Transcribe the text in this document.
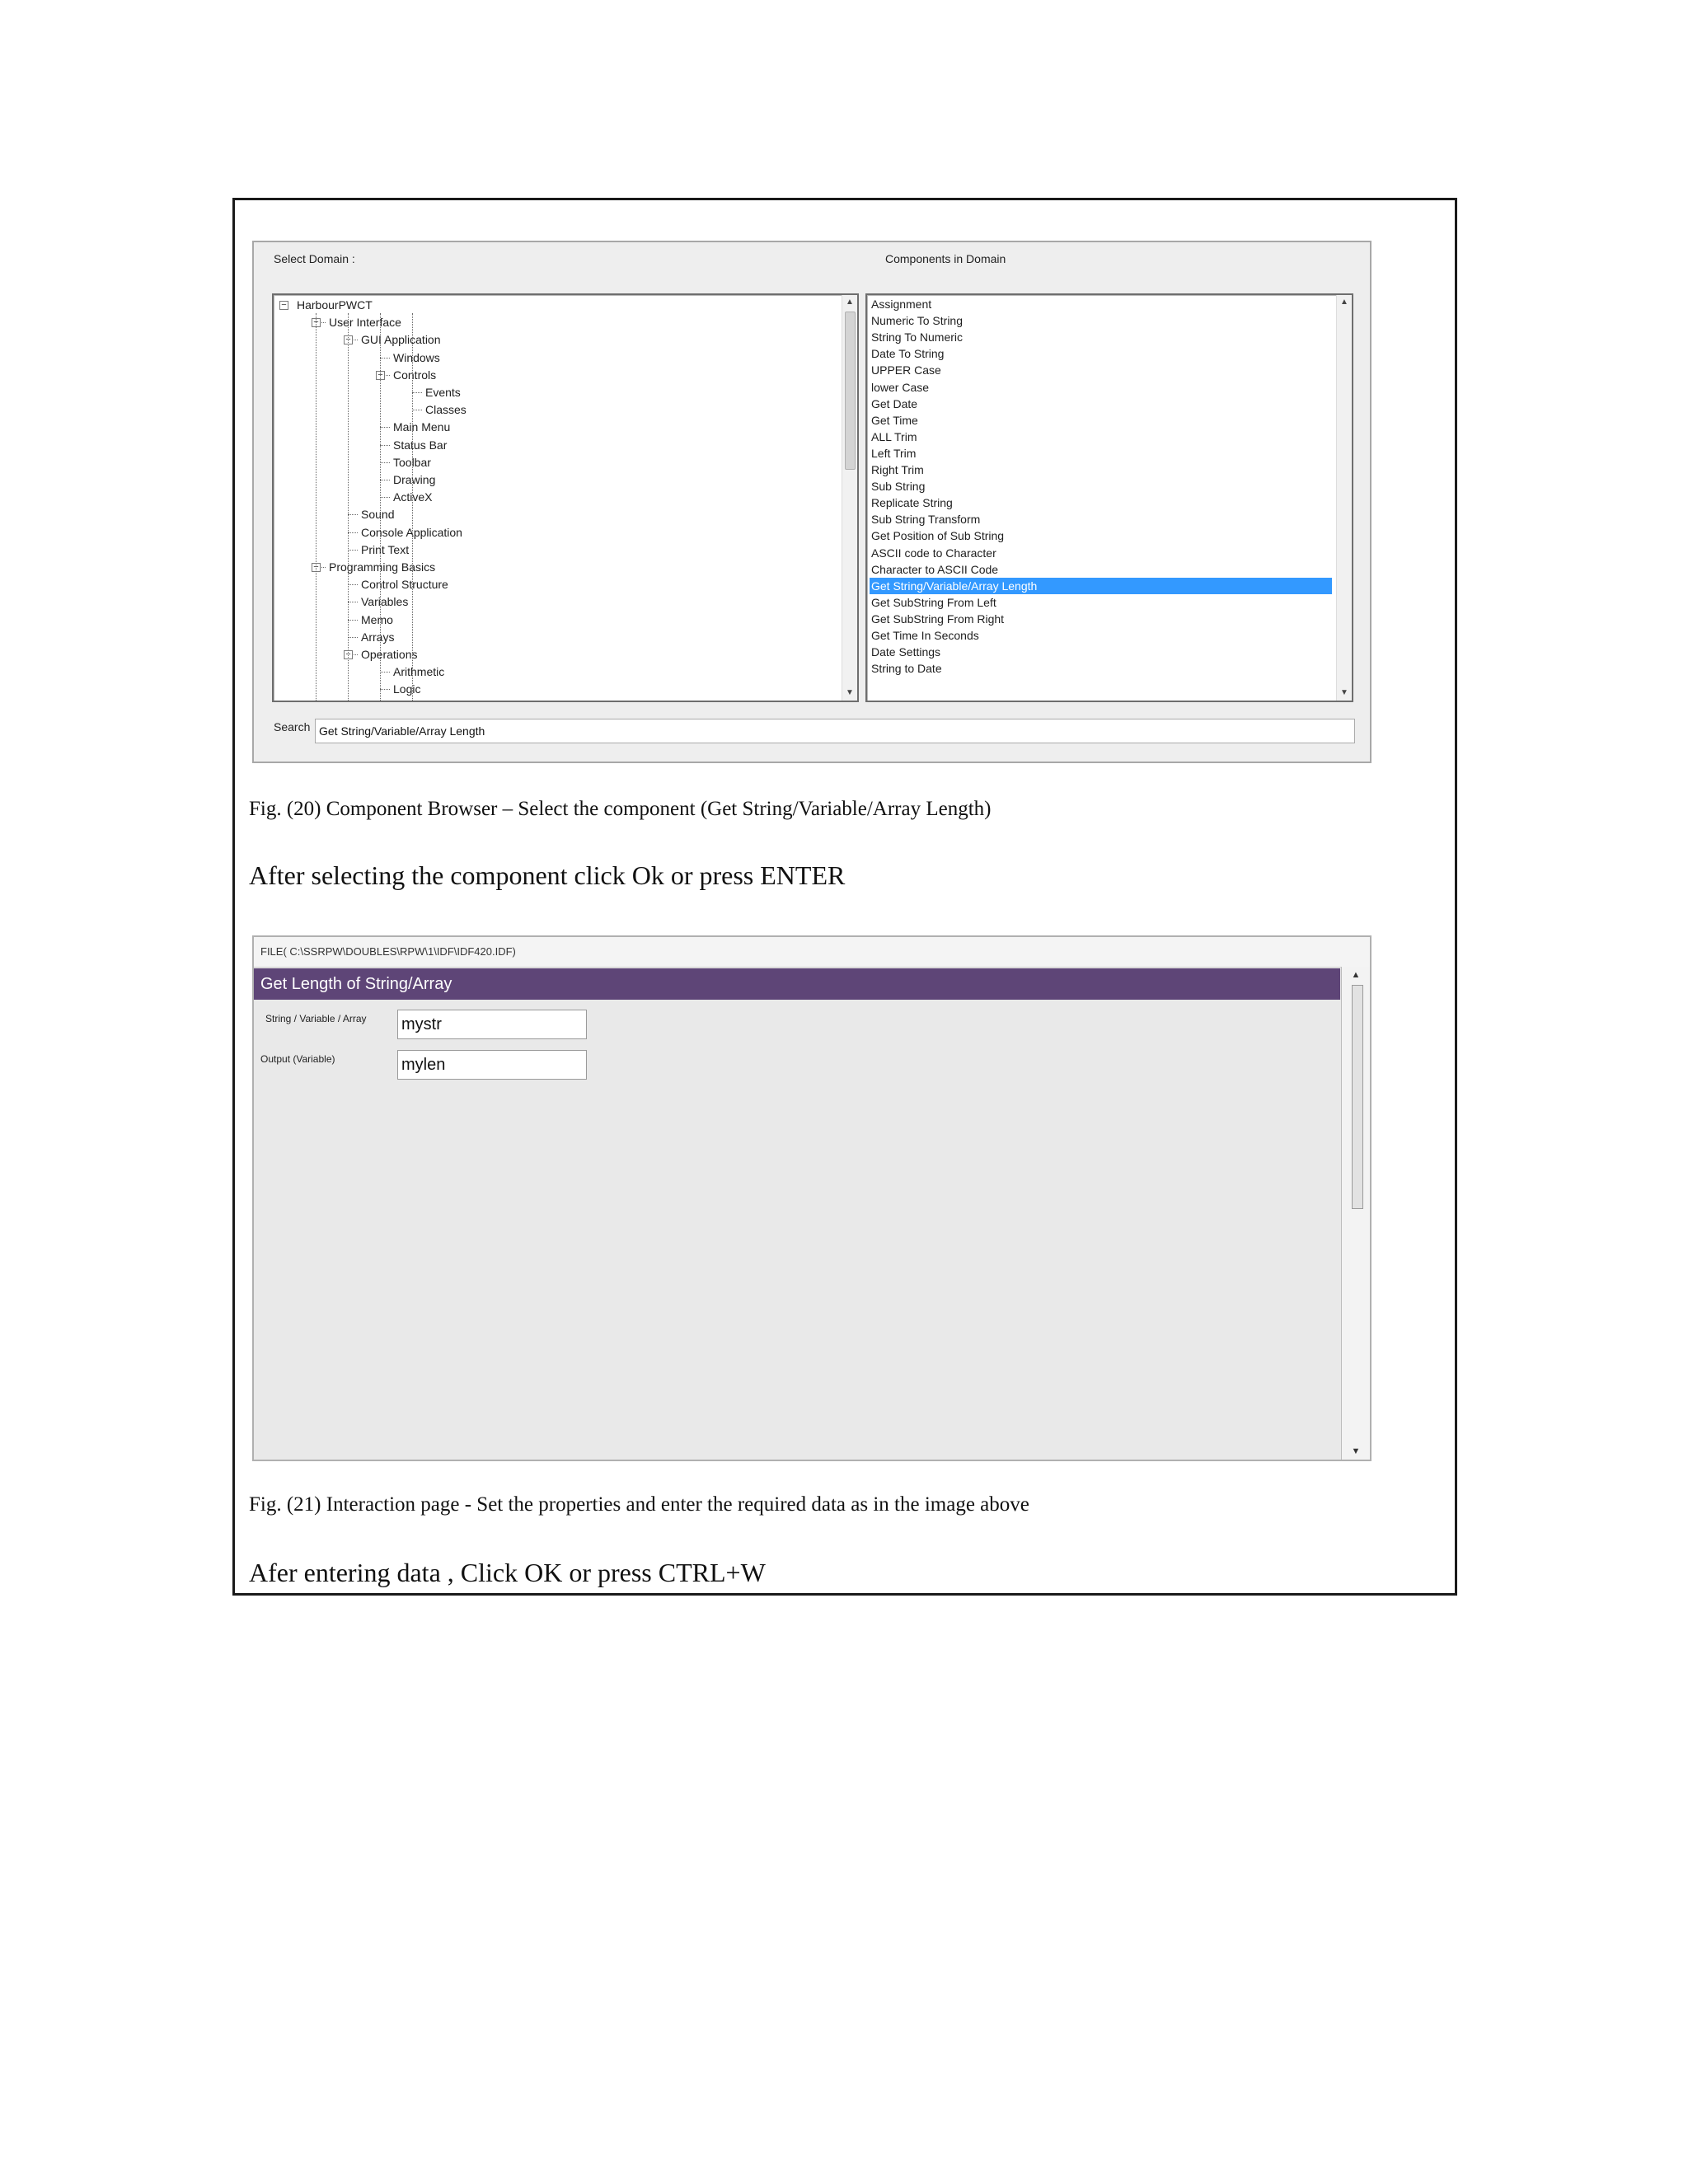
Select Domain :	Components in Domain
− HarbourPWCT
− User Interface
− GUI Application
Windows
− Controls
Events
Classes
Main Menu
Status Bar
Toolbar
Drawing
ActiveX
Sound
Console Application
Print Text
− Programming Basics
Control Structure
Variables
Memo
Arrays
− Operations
Arithmetic
Logic
▲
▼
Assignment
Numeric To String
String To Numeric
Date To String
UPPER Case
lower Case
Get Date
Get Time
ALL Trim
Left Trim
Right Trim
Sub String
Replicate String
Sub String Transform
Get Position of Sub String
ASCII code to Character
Character to ASCII Code
Get String/Variable/Array Length
Get SubString From Left
Get SubString From Right
Get Time In Seconds
Date Settings
String to Date
▲
▼
Search
Get String/Variable/Array Length
Fig. (20) Component Browser – Select the component (Get String/Variable/Array Length)
After selecting the component click Ok or press ENTER
FILE( C:\SSRPW\DOUBLES\RPW\1\IDF\IDF420.IDF)
Get Length of String/Array
String / Variable / Array
mystr
Output (Variable)
mylen
▲
▼
Fig. (21) Interaction page - Set the properties and enter the required data as in the image above
Afer entering data , Click OK or press CTRL+W
